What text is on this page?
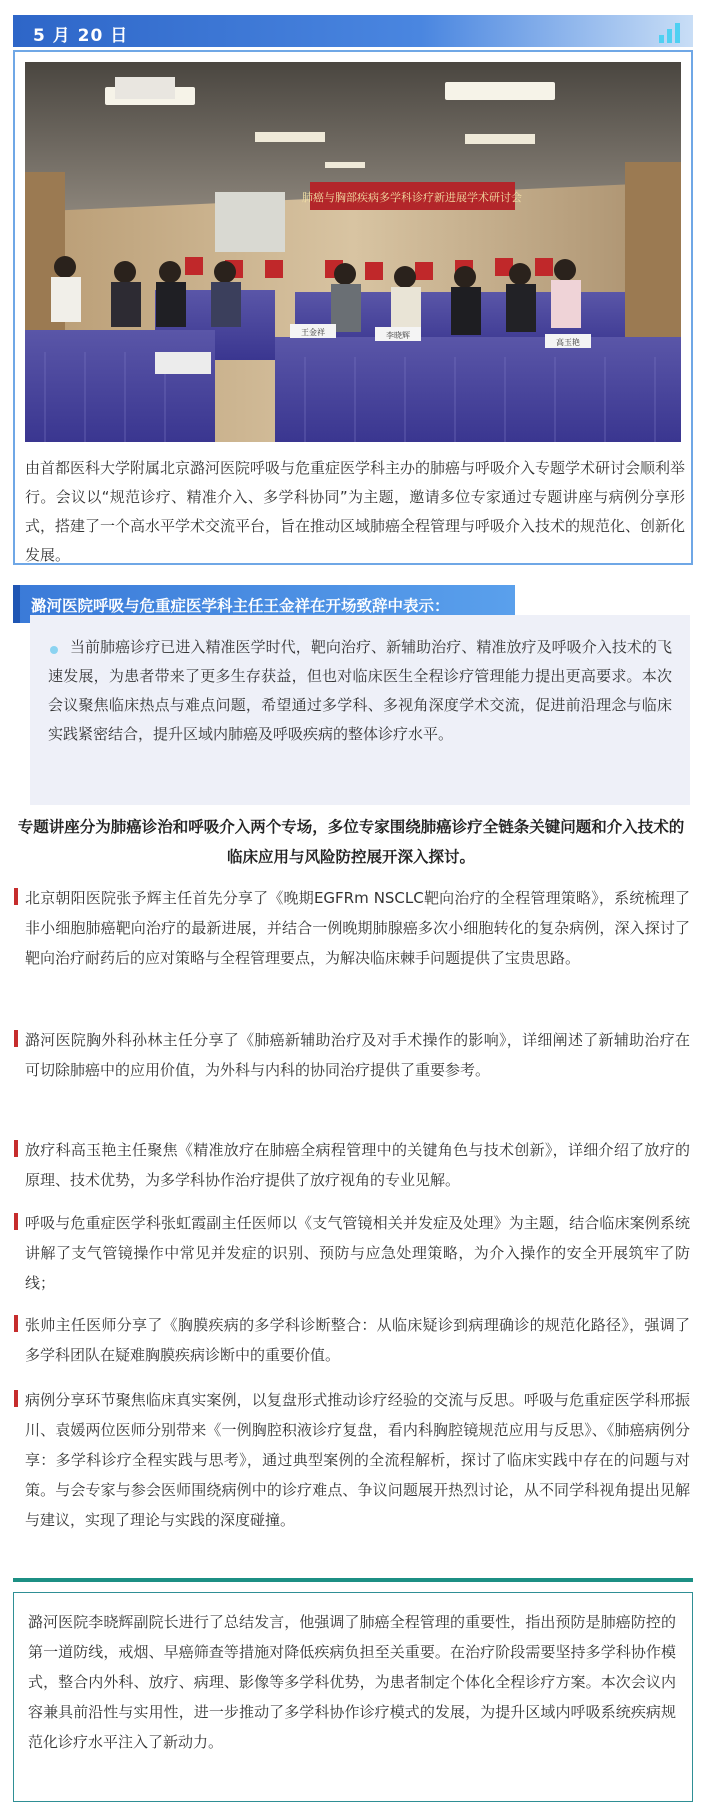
5 月 20 日
肺癌与胸部疾病多学科诊疗新进展学术研讨会
王金祥	李晓辉
高玉艳

由首都医科大学附属北京潞河医院呼吸与危重症医学科主办的肺癌与呼吸介入专题学术研讨会顺利举行。会议以“规范诊疗、精准介入、多学科协同”为主题，邀请多位专家通过专题讲座与病例分享形式，搭建了一个高水平学术交流平台，旨在推动区域肺癌全程管理与呼吸介入技术的规范化、创新化发展。

潞河医院呼吸与危重症医学科主任王金祥在开场致辞中表示：

当前肺癌诊疗已进入精准医学时代，靶向治疗、新辅助治疗、精准放疗及呼吸介入技术的飞速发展，为患者带来了更多生存获益，但也对临床医生全程诊疗管理能力提出更高要求。本次会议聚焦临床热点与难点问题，希望通过多学科、多视角深度学术交流，促进前沿理念与临床实践紧密结合，提升区域内肺癌及呼吸疾病的整体诊疗水平。

专题讲座分为肺癌诊治和呼吸介入两个专场，多位专家围绕肺癌诊疗全链条关键问题和介入技术的临床应用与风险防控展开深入探讨。

北京朝阳医院张予辉主任首先分享了《晚期EGFRm NSCLC靶向治疗的全程管理策略》，系统梳理了非小细胞肺癌靶向治疗的最新进展，并结合一例晚期肺腺癌多次小细胞转化的复杂病例，深入探讨了靶向治疗耐药后的应对策略与全程管理要点，为解决临床棘手问题提供了宝贵思路。

潞河医院胸外科孙林主任分享了《肺癌新辅助治疗及对手术操作的影响》，详细阐述了新辅助治疗在可切除肺癌中的应用价值，为外科与内科的协同治疗提供了重要参考。

放疗科高玉艳主任聚焦《精准放疗在肺癌全病程管理中的关键角色与技术创新》，详细介绍了放疗的原理、技术优势，为多学科协作治疗提供了放疗视角的专业见解。

呼吸与危重症医学科张虹霞副主任医师以《支气管镜相关并发症及处理》为主题，结合临床案例系统讲解了支气管镜操作中常见并发症的识别、预防与应急处理策略，为介入操作的安全开展筑牢了防线；

张帅主任医师分享了《胸膜疾病的多学科诊断整合：从临床疑诊到病理确诊的规范化路径》，强调了多学科团队在疑难胸膜疾病诊断中的重要价值。

病例分享环节聚焦临床真实案例，以复盘形式推动诊疗经验的交流与反思。呼吸与危重症医学科邢振川、袁媛两位医师分别带来《一例胸腔积液诊疗复盘，看内科胸腔镜规范应用与反思》、《肺癌病例分享：多学科诊疗全程实践与思考》，通过典型案例的全流程解析，探讨了临床实践中存在的问题与对策。与会专家与参会医师围绕病例中的诊疗难点、争议问题展开热烈讨论，从不同学科视角提出见解与建议，实现了理论与实践的深度碰撞。

潞河医院李晓辉副院长进行了总结发言，他强调了肺癌全程管理的重要性，指出预防是肺癌防控的第一道防线，戒烟、早癌筛查等措施对降低疾病负担至关重要。在治疗阶段需要坚持多学科协作模式，整合内外科、放疗、病理、影像等多学科优势，为患者制定个体化全程诊疗方案。本次会议内容兼具前沿性与实用性，进一步推动了多学科协作诊疗模式的发展，为提升区域内呼吸系统疾病规范化诊疗水平注入了新动力。
